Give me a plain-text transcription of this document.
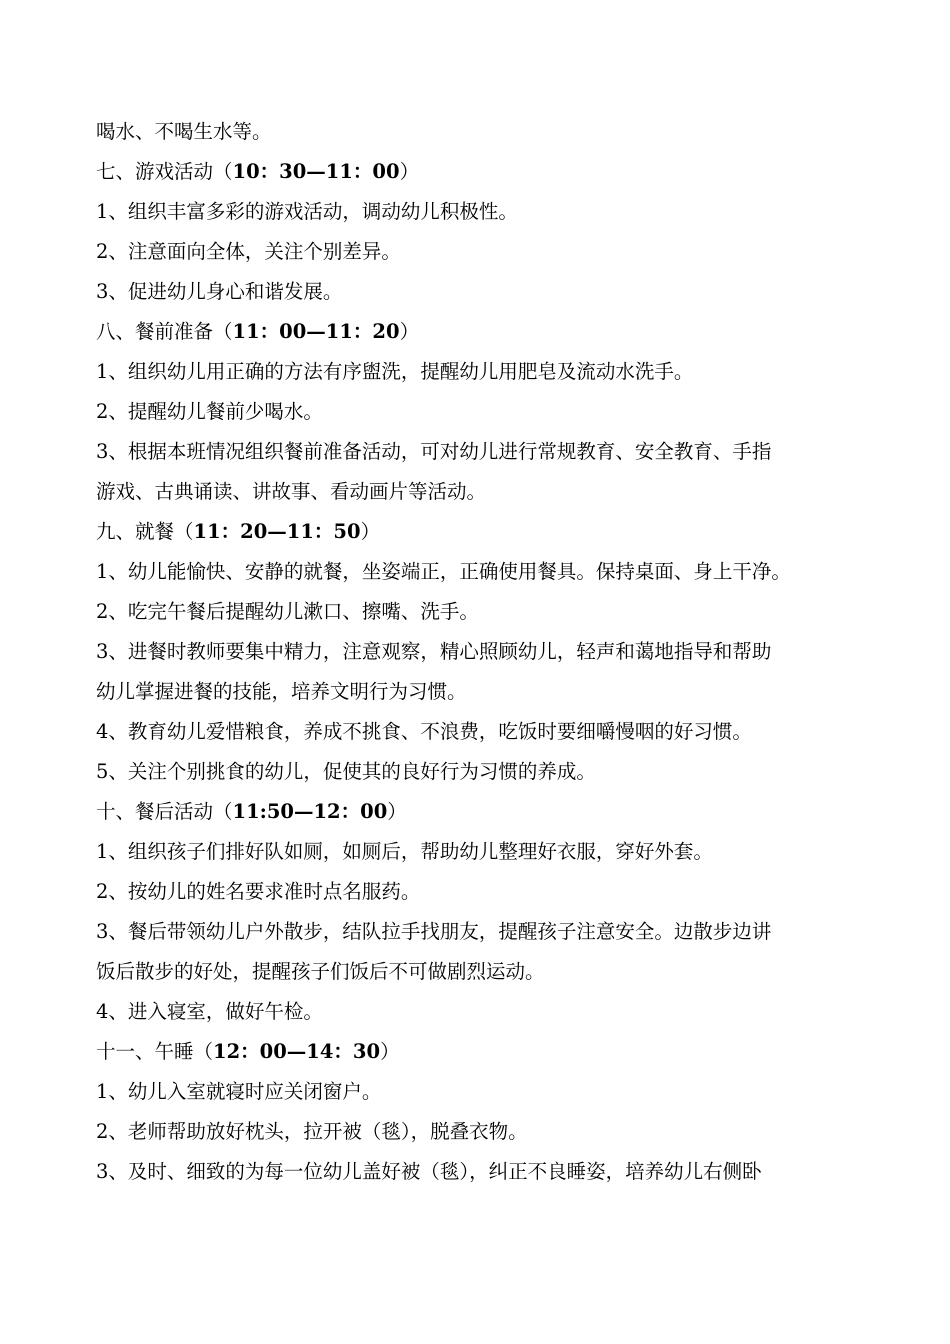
喝水、不喝生水等。
七、游戏活动（10：30—11：00）
1、组织丰富多彩的游戏活动，调动幼儿积极性。
2、注意面向全体，关注个别差异。
3、促进幼儿身心和谐发展。
八、餐前准备（11：00—11：20）
1、组织幼儿用正确的方法有序盥洗，提醒幼儿用肥皂及流动水洗手。
2、提醒幼儿餐前少喝水。
3、根据本班情况组织餐前准备活动，可对幼儿进行常规教育、安全教育、手指
游戏、古典诵读、讲故事、看动画片等活动。
九、就餐（11：20—11：50）
1、幼儿能愉快、安静的就餐，坐姿端正，正确使用餐具。保持桌面、身上干净。
2、吃完午餐后提醒幼儿漱口、擦嘴、洗手。
3、进餐时教师要集中精力，注意观察，精心照顾幼儿，轻声和蔼地指导和帮助
幼儿掌握进餐的技能，培养文明行为习惯。
4、教育幼儿爱惜粮食，养成不挑食、不浪费，吃饭时要细嚼慢咽的好习惯。
5、关注个别挑食的幼儿，促使其的良好行为习惯的养成。
十、餐后活动（11:50—12：00）
1、组织孩子们排好队如厕，如厕后，帮助幼儿整理好衣服，穿好外套。
2、按幼儿的姓名要求准时点名服药。
3、餐后带领幼儿户外散步，结队拉手找朋友，提醒孩子注意安全。边散步边讲
饭后散步的好处，提醒孩子们饭后不可做剧烈运动。
4、进入寝室，做好午检。
十一、午睡（12：00—14：30）
1、幼儿入室就寝时应关闭窗户。
2、老师帮助放好枕头，拉开被（毯），脱叠衣物。
3、及时、细致的为每一位幼儿盖好被（毯），纠正不良睡姿，培养幼儿右侧卧
